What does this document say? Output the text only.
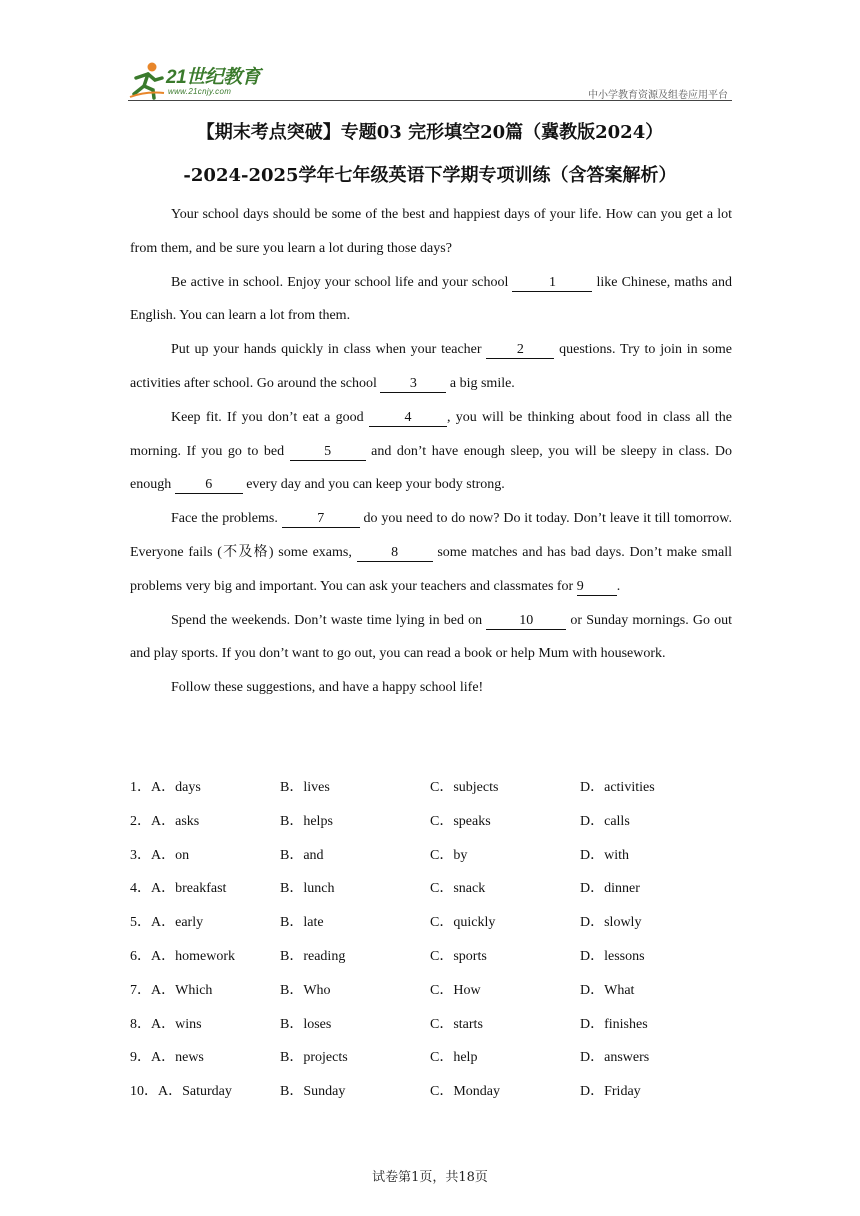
21世纪教育
www.21cnjy.com	中小学教育资源及组卷应用平台
【期末考点突破】专题03 完形填空20篇（冀教版2024）
-2024-2025学年七年级英语下学期专项训练（含答案解析）

Your school days should be some of the best and happiest days of your life. How can you get a lot from them, and be sure you learn a lot during those days?

Be active in school. Enjoy your school life and your school	1	like Chinese, maths and English. You can learn a lot from them.

Put up your hands quickly in class when your teacher 2 questions. Try to join in some activities after school. Go around the school 3 a big smile.

Keep fit. If you don’t eat a good	4	, you will be thinking about food in class all the morning. If you go to bed 5 and don’t have enough sleep, you will be sleepy in class. Do enough 6 every day and you can keep your body strong.

Face the problems.	7	do you need to do now? Do it today. Don’t leave it till tomorrow. Everyone fails (不及格) some exams, 8 some matches and has bad days. Don’t make small problems very big and important. You can ask your teachers and classmates for 9 .

Spend the weekends. Don’t waste time lying in bed on 10 or Sunday mornings. Go out and play sports. If you don’t want to go out, you can read a book or help Mum with housework.

Follow these suggestions, and have a happy school life!

1．A．days	B．lives	C．subjects	D．activities
2．A．asks	B．helps	C．speaks	D．calls
3．A．on	B．and	C．by	D．with
4．A．breakfast	B．lunch	C．snack	D．dinner
5．A．early	B．late	C．quickly	D．slowly
6．A．homework	B．reading	C．sports	D．lessons
7．A．Which	B．Who	C．How	D．What
8．A．wins	B．loses	C．starts	D．finishes
9．A．news	B．projects	C．help	D．answers
10．A．Saturday	B．Sunday	C．Monday	D．Friday
试卷第1页，共18页
